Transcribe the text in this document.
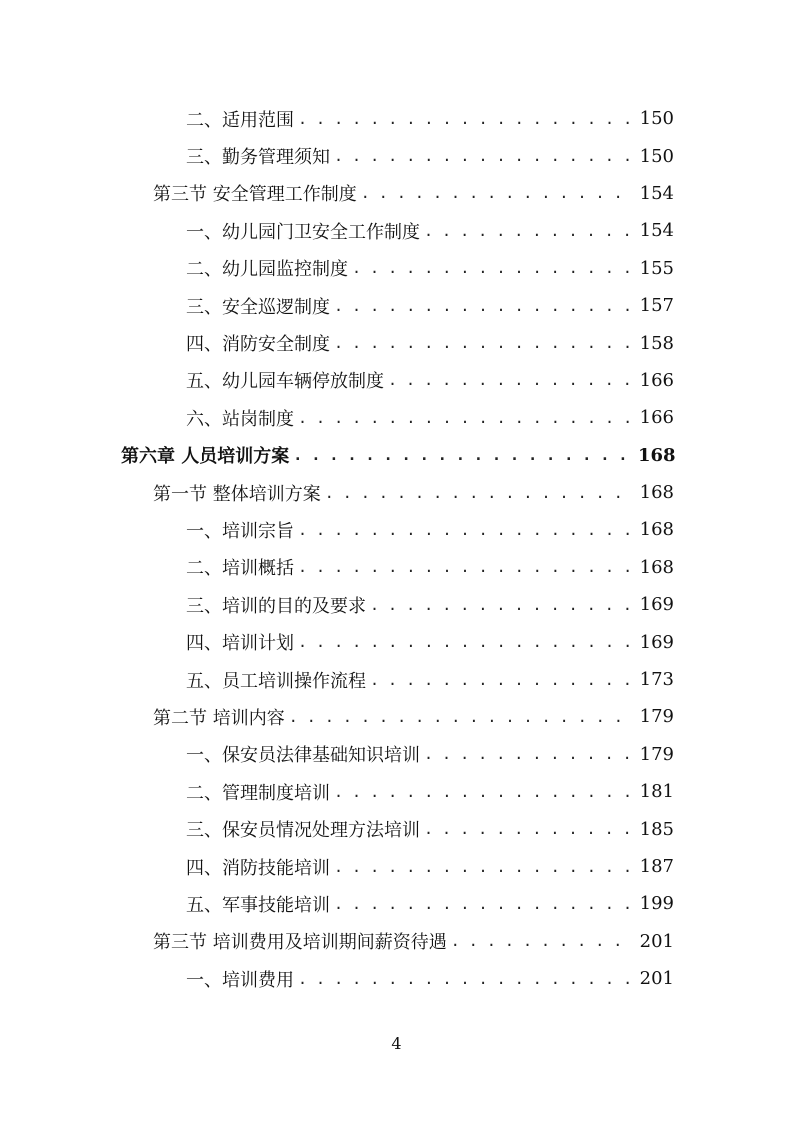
二、适用范围 . . .	150
三、勤务管理须知 . . .	150
第三节 安全管理工作制度 . . .	154
一、幼儿园门卫安全工作制度 . . .	154
二、幼儿园监控制度 . . .	155
三、安全巡逻制度 . . .	157
四、消防安全制度 . . .	158
五、幼儿园车辆停放制度 . . .	166
六、站岗制度 . . .	166
第六章 人员培训方案 . . .	168
第一节 整体培训方案 . . .	168
一、培训宗旨 . . .	168
二、培训概括 . . .	168
三、培训的目的及要求 . . .	169
四、培训计划 . . .	169
五、员工培训操作流程 . . .	173
第二节 培训内容 . . .	179
一、保安员法律基础知识培训 . . .	179
二、管理制度培训 . . .	181
三、保安员情况处理方法培训 . . .	185
四、消防技能培训 . . .	187
五、军事技能培训 . . .	199
第三节 培训费用及培训期间薪资待遇 . . .	201
一、培训费用 . . .	201
4
